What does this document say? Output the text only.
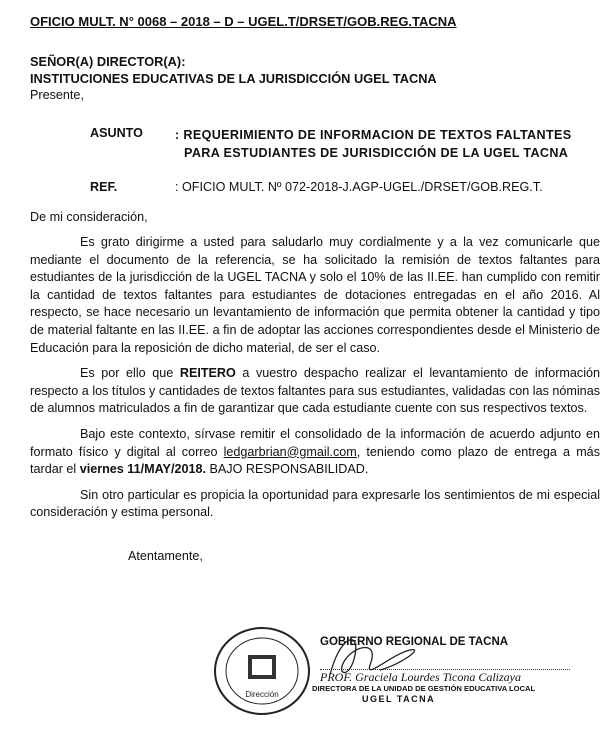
OFICIO MULT. N° 0068 – 2018 – D – UGEL.T/DRSET/GOB.REG.TACNA
SEÑOR(A) DIRECTOR(A):
INSTITUCIONES EDUCATIVAS DE LA JURISDICCIÓN UGEL TACNA
Presente,
ASUNTO	: REQUERIMIENTO DE INFORMACION DE TEXTOS FALTANTES
PARA ESTUDIANTES DE JURISDICCIÓN DE LA UGEL TACNA
REF.	: OFICIO MULT. Nº 072-2018-J.AGP-UGEL./DRSET/GOB.REG.T.
De mi consideración,
Es grato dirigirme a usted para saludarlo muy cordialmente y a la vez comunicarle que mediante el documento de la referencia, se ha solicitado la remisión de textos faltantes para estudiantes de la jurisdicción de la UGEL TACNA y solo el 10% de las II.EE. han cumplido con remitir la cantidad de textos faltantes para estudiantes de dotaciones entregadas en el año 2016. Al respecto, se hace necesario un levantamiento de información que permita obtener la cantidad y tipo de material faltante en las II.EE. a fin de adoptar las acciones correspondientes desde el Ministerio de Educación para la reposición de dicho material, de ser el caso.
Es por ello que REITERO a vuestro despacho realizar el levantamiento de información respecto a los títulos y cantidades de textos faltantes para sus estudiantes, validadas con las nóminas de alumnos matriculados a fin de garantizar que cada estudiante cuente con sus respectivos textos.
Bajo este contexto, sírvase remitir el consolidado de la información de acuerdo adjunto en formato físico y digital al correo ledgarbrian@gmail.com, teniendo como plazo de entrega a más tardar el viernes 11/MAY/2018. BAJO RESPONSABILIDAD.
Sin otro particular es propicia la oportunidad para expresarle los sentimientos de mi especial consideración y estima personal.
Atentamente,
Dirección
GOBIERNO REGIONAL DE TACNA
PROF. Graciela Lourdes Ticona Calizaya
DIRECTORA DE LA UNIDAD DE GESTIÓN EDUCATIVA LOCAL
UGEL TACNA
